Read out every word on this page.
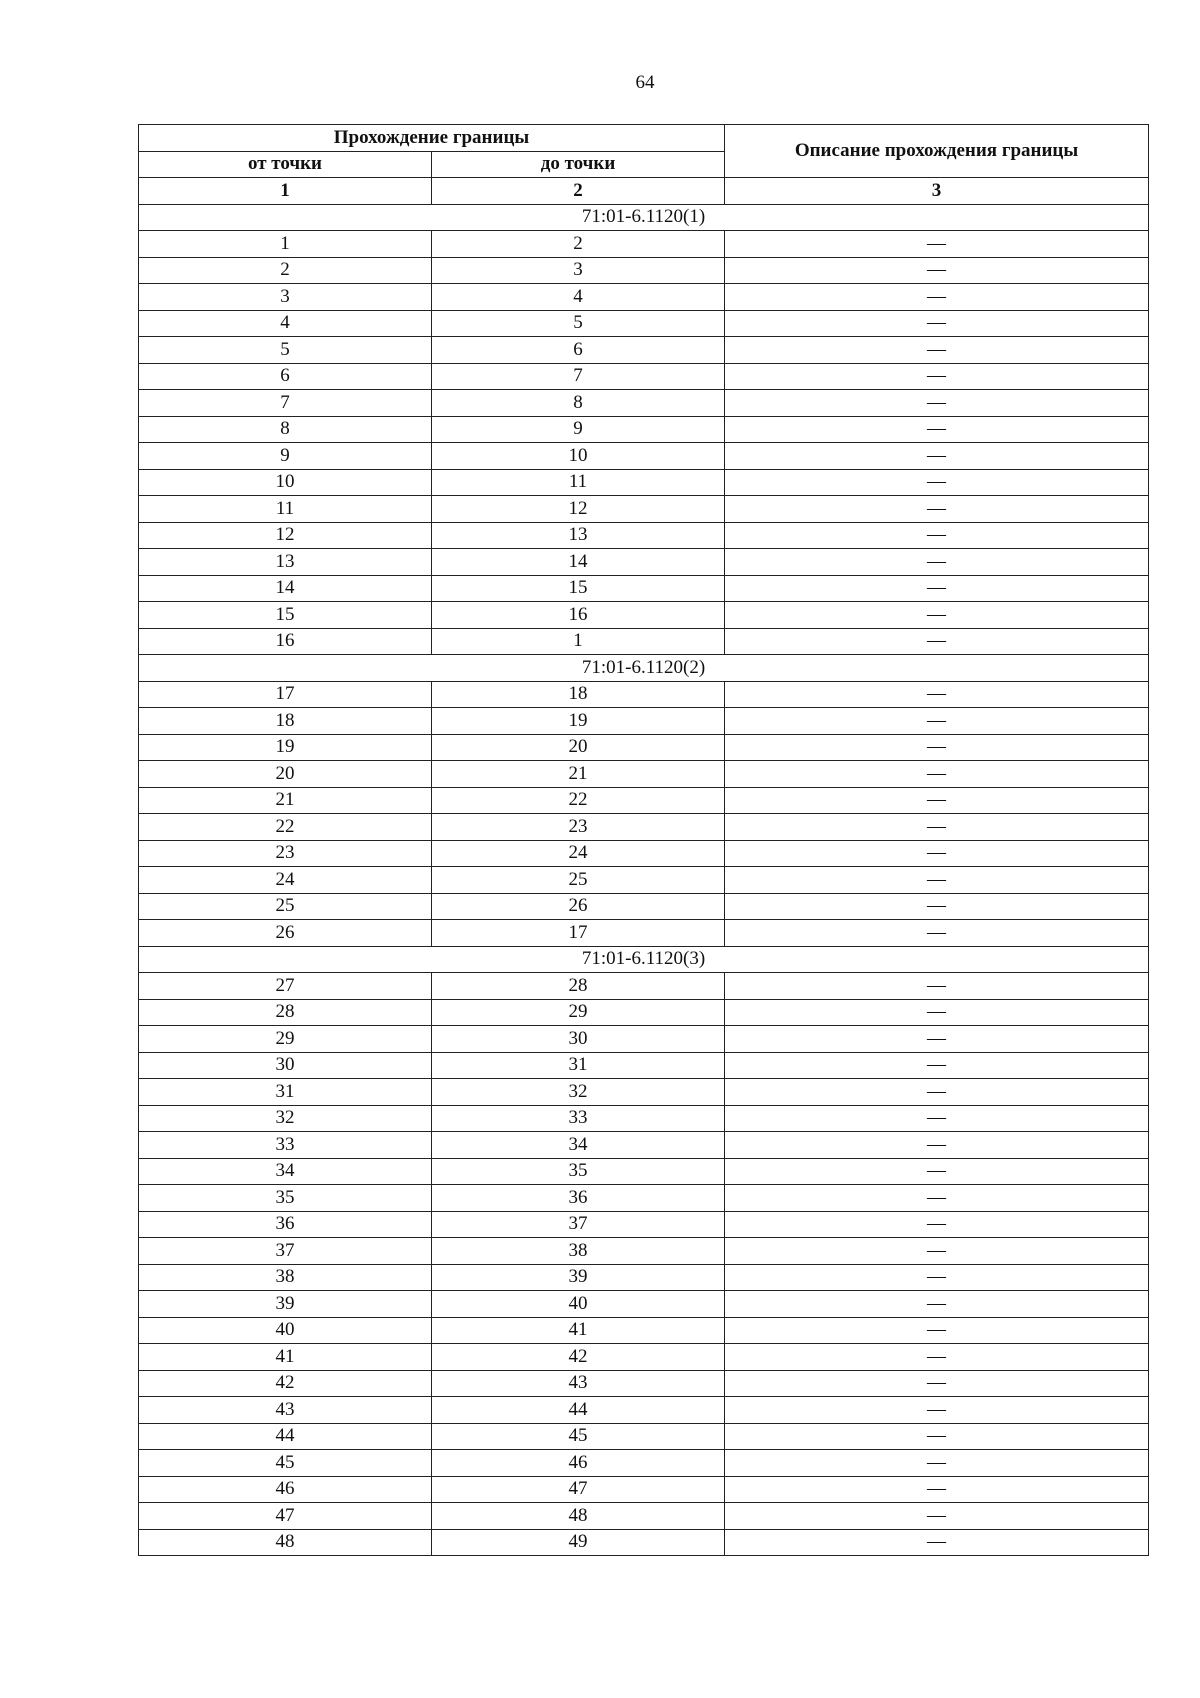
64
Прохождение границы		Описание прохождения границы
от точки	до точки	
1	2	3
71:01-6.1120(1)		
1	2	—
2	3	—
3	4	—
4	5	—
5	6	—
6	7	—
7	8	—
8	9	—
9	10	—
10	11	—
11	12	—
12	13	—
13	14	—
14	15	—
15	16	—
16	1	—
71:01-6.1120(2)		
17	18	—
18	19	—
19	20	—
20	21	—
21	22	—
22	23	—
23	24	—
24	25	—
25	26	—
26	17	—
71:01-6.1120(3)		
27	28	—
28	29	—
29	30	—
30	31	—
31	32	—
32	33	—
33	34	—
34	35	—
35	36	—
36	37	—
37	38	—
38	39	—
39	40	—
40	41	—
41	42	—
42	43	—
43	44	—
44	45	—
45	46	—
46	47	—
47	48	—
48	49	—
